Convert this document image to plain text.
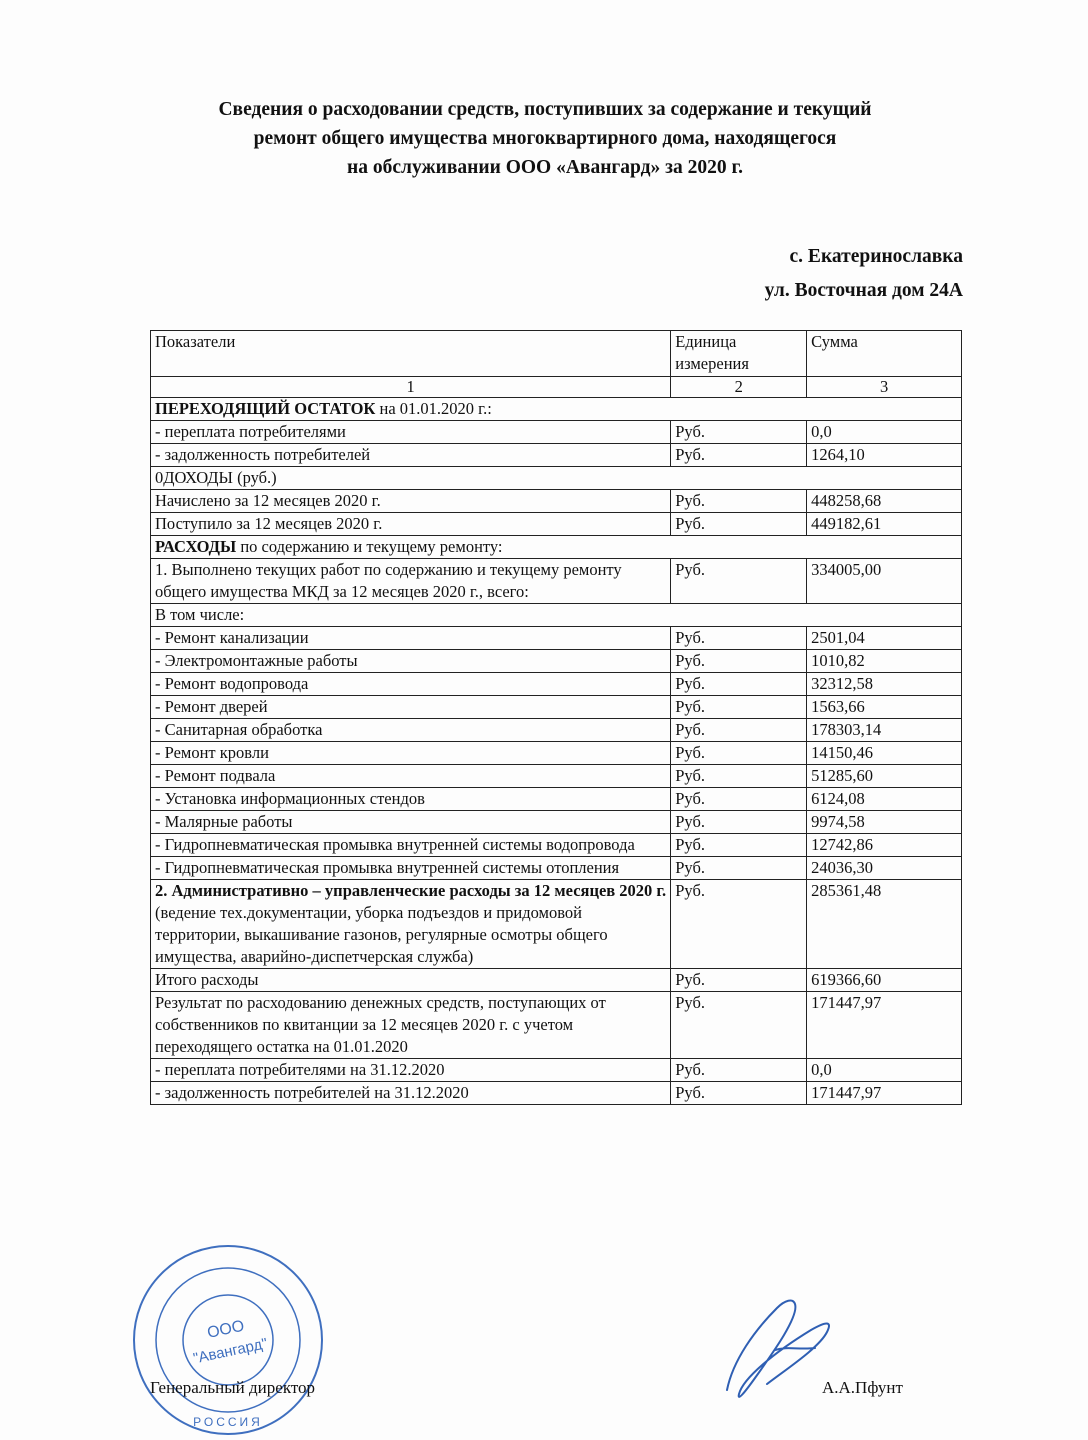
Сведения о расходовании средств, поступивших за содержание и текущий
ремонт общего имущества многоквартирного дома, находящегося
на обслуживании ООО «Авангард» за 2020 г.
с. Екатеринославка
ул. Восточная дом 24А
Показатели	Единица измерения	Сумма
1	2	3
ПЕРЕХОДЯЩИЙ ОСТАТОК на 01.01.2020 г.:		
- переплата потребителями	Руб.	0,0
- задолженность потребителей	Руб.	1264,10
0ДОХОДЫ (руб.)		
Начислено за 12 месяцев 2020 г.	Руб.	448258,68
Поступило за 12 месяцев 2020 г.	Руб.	449182,61
РАСХОДЫ по содержанию и текущему ремонту:		
1. Выполнено текущих работ по содержанию и текущему ремонту общего имущества МКД за 12 месяцев 2020 г., всего:	Руб.	334005,00
В том числе:		
- Ремонт канализации	Руб.	2501,04
- Электромонтажные работы	Руб.	1010,82
- Ремонт водопровода	Руб.	32312,58
- Ремонт дверей	Руб.	1563,66
- Санитарная обработка	Руб.	178303,14
- Ремонт кровли	Руб.	14150,46
- Ремонт подвала	Руб.	51285,60
- Установка информационных стендов	Руб.	6124,08
- Малярные работы	Руб.	9974,58
- Гидропневматическая промывка внутренней системы водопровода	Руб.	12742,86
- Гидропневматическая промывка внутренней системы отопления	Руб.	24036,30
2. Административно – управленческие расходы за 12 месяцев 2020 г. (ведение тех.документации, уборка подъездов и придомовой территории, выкашивание газонов, регулярные осмотры общего имущества, аварийно-диспетчерская служба)	Руб.	285361,48
Итого расходы	Руб.	619366,60
Результат по расходованию денежных средств, поступающих от собственников по квитанции за 12 месяцев 2020 г. с учетом переходящего остатка на 01.01.2020	Руб.	171447,97
- переплата потребителями на 31.12.2020	Руб.	0,0
- задолженность потребителей на 31.12.2020	Руб.	171447,97
ООО
"Авангард"
РОССИЯ
Генеральный директор	А.А.Пфунт
